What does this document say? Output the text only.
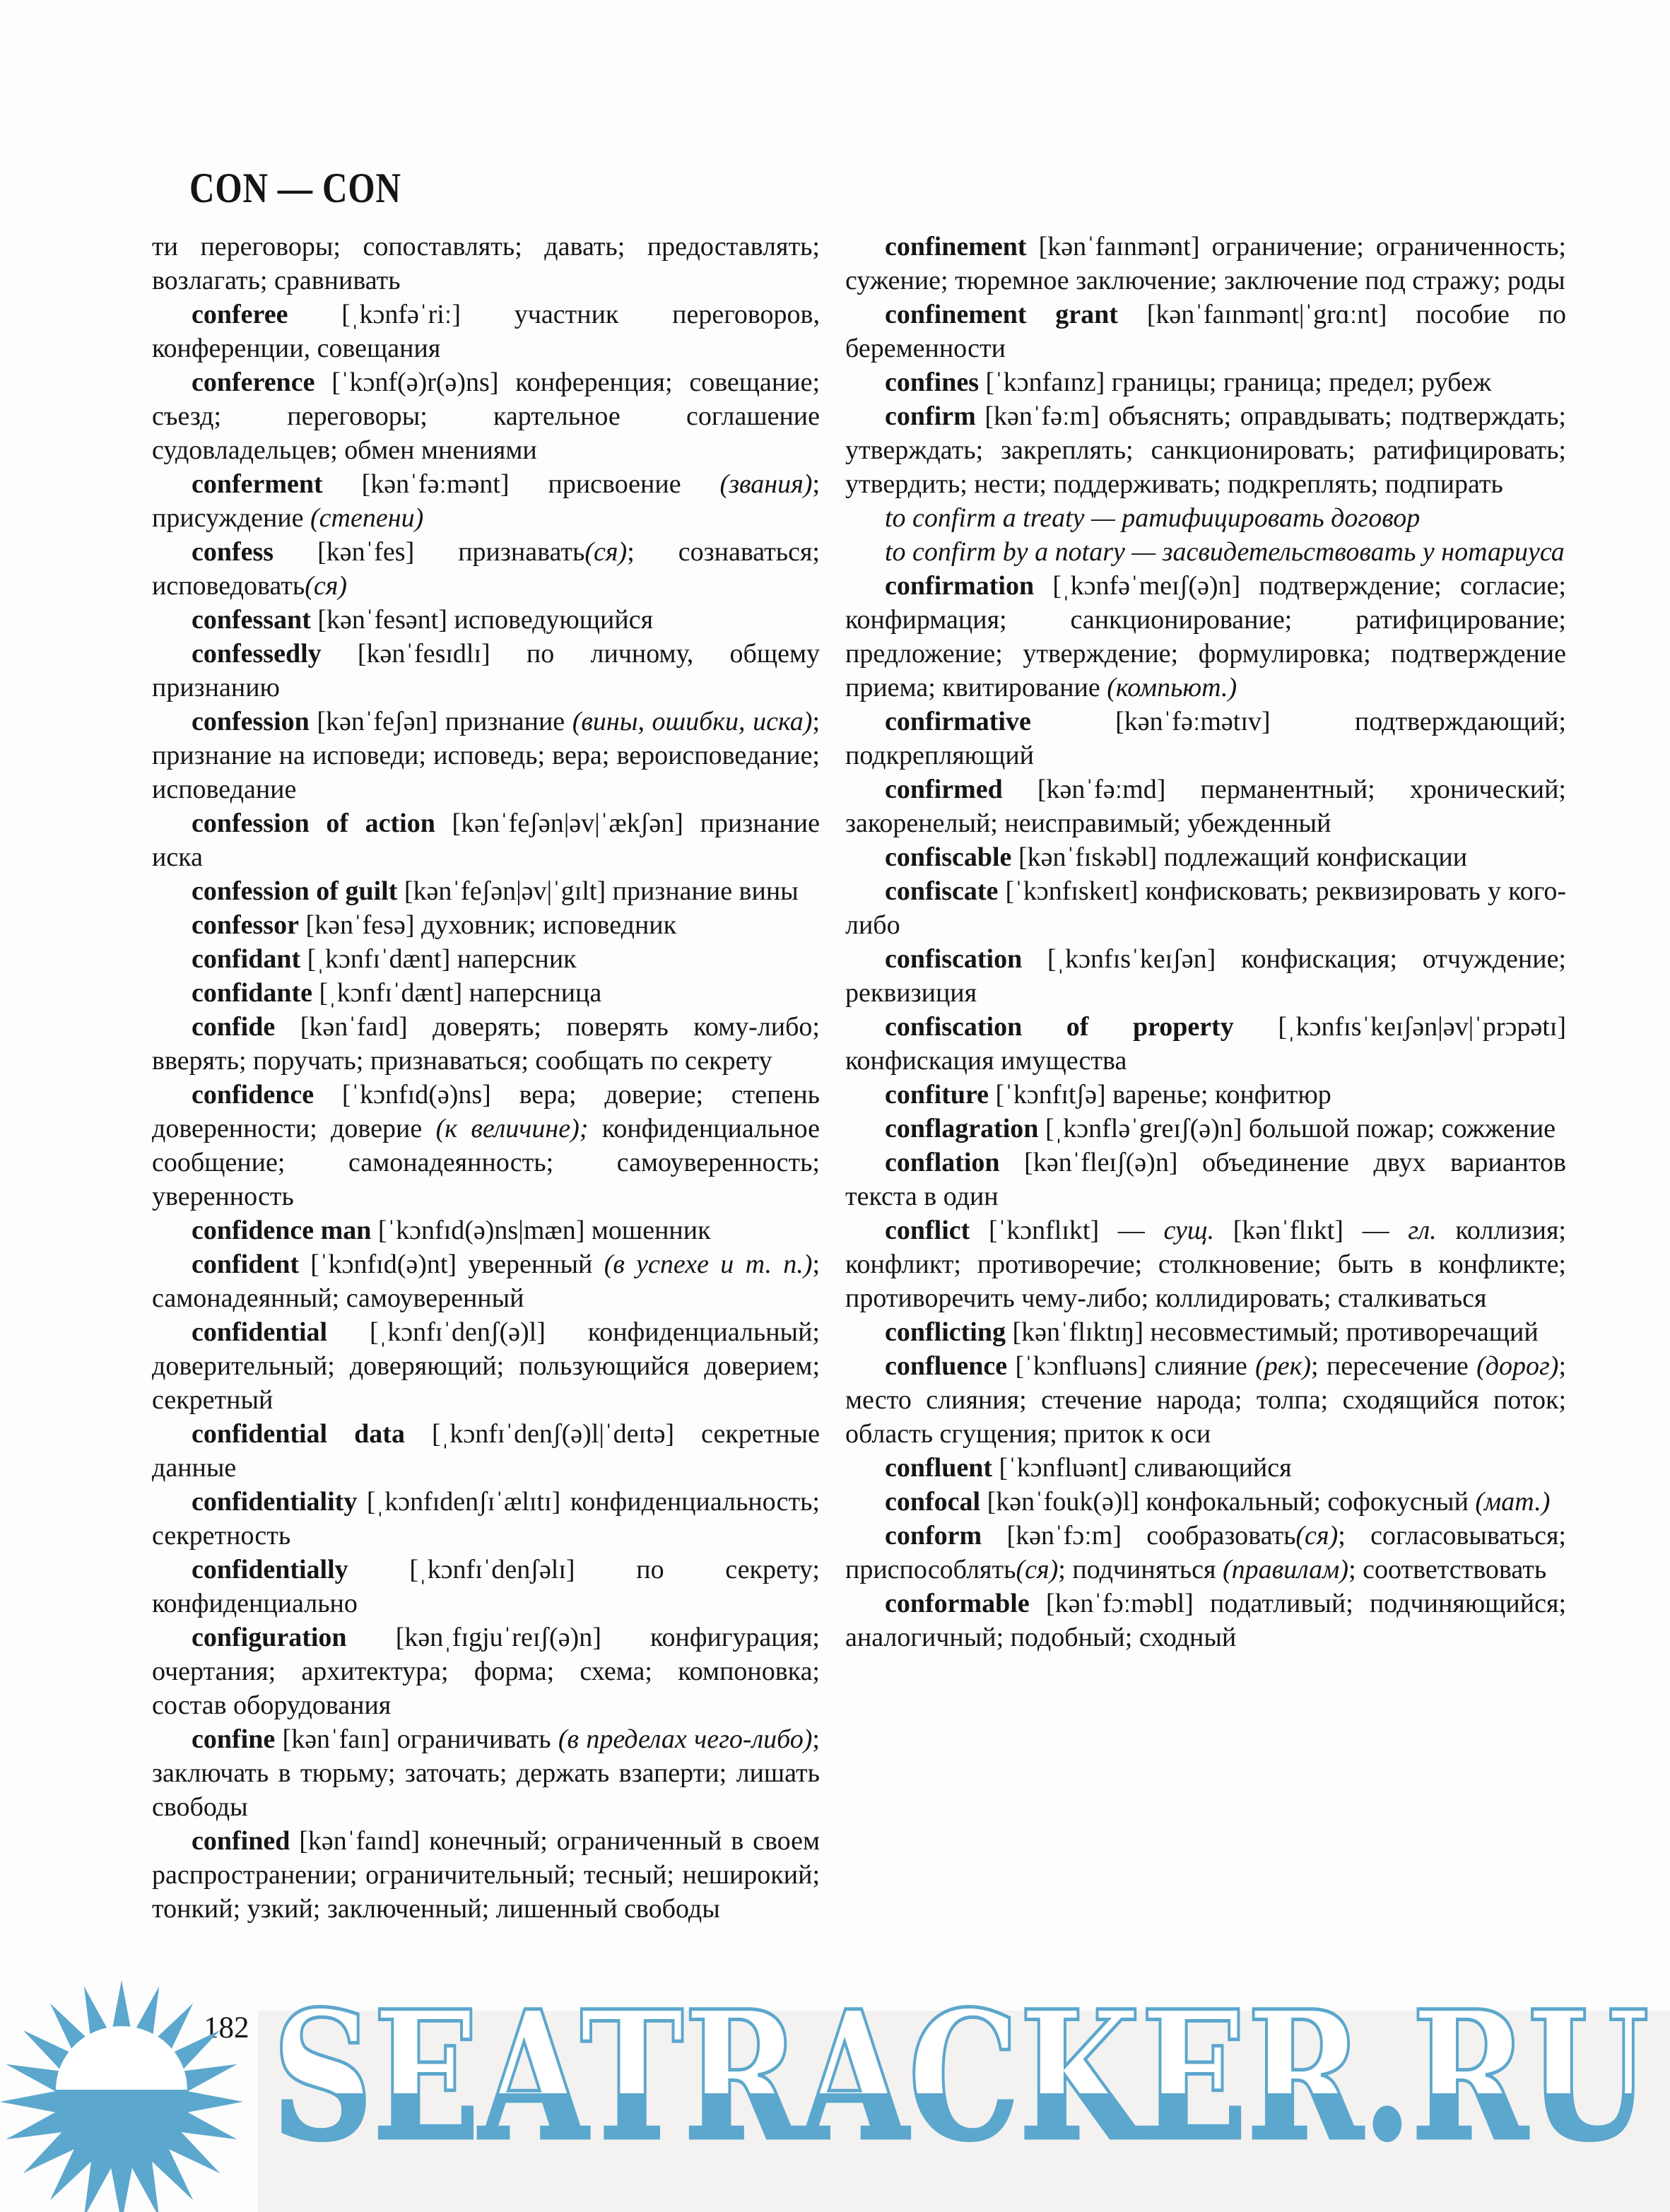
CON — CON

ти переговоры; сопоставлять; давать; предоставлять; возлагать; сравнивать

conferee [ˌkɔnfəˈriː] участник переговоров, конференции, совещания

conference [ˈkɔnf(ə)r(ə)ns] конференция; совещание; съезд; переговоры; картельное соглашение судовладельцев; обмен мнениями

conferment [kənˈfəːmənt] присвоение (звания); присуждение (степени)

confess [kənˈfes] признавать(ся); сознаваться; исповедовать(ся)

confessant [kənˈfesənt] исповедующийся

confessedly [kənˈfesɪdlɪ] по личному, общему признанию

confession [kənˈfeʃən] признание (вины, ошибки, иска); признание на исповеди; исповедь; вера; вероисповедание; исповедание

confession of action [kənˈfeʃən|əv|ˈækʃən] признание иска

confession of guilt [kənˈfeʃən|əv|ˈgɪlt] признание вины

confessor [kənˈfesə] духовник; исповедник

confidant [ˌkɔnfɪˈdænt] наперсник

confidante [ˌkɔnfɪˈdænt] наперсница

confide [kənˈfaɪd] доверять; поверять кому-либо; вверять; поручать; признаваться; сообщать по секрету

confidence [ˈkɔnfɪd(ə)ns] вера; доверие; степень доверенности; доверие (к величине); конфиденциальное сообщение; самонадеянность; самоуверенность; уверенность

confidence man [ˈkɔnfɪd(ə)ns|mæn] мошенник

confident [ˈkɔnfɪd(ə)nt] уверенный (в успехе и т. п.); самонадеянный; самоуверенный

confidential [ˌkɔnfɪˈdenʃ(ə)l] конфиденциальный; доверительный; доверяющий; пользующийся доверием; секретный

confidential data [ˌkɔnfɪˈdenʃ(ə)l|ˈdeɪtə] секретные данные

confidentiality [ˌkɔnfɪdenʃɪˈælɪtɪ] конфиденциальность; секретность

confidentially [ˌkɔnfɪˈdenʃəlɪ] по секрету; конфиденциально

configuration [kənˌfɪgjuˈreɪʃ(ə)n] конфигурация; очертания; архитектура; форма; схема; компоновка; состав оборудования

confine [kənˈfaɪn] ограничивать (в пределах чего-либо); заключать в тюрьму; заточать; держать взаперти; лишать свободы

confined [kənˈfaɪnd] конечный; ограниченный в своем распространении; ограничительный; тесный; неширокий; тонкий; узкий; заключенный; лишенный свободы

confinement [kənˈfaɪnmənt] ограничение; ограниченность; сужение; тюремное заключение; заключение под стражу; роды

confinement grant [kənˈfaɪnmənt|ˈgrɑːnt] пособие по беременности

confines [ˈkɔnfaɪnz] границы; граница; предел; рубеж

confirm [kənˈfəːm] объяснять; оправдывать; подтверждать; утверждать; закреплять; санкционировать; ратифицировать; утвердить; нести; поддерживать; подкреплять; подпирать

to confirm a treaty — ратифицировать договор

to confirm by a notary — засвидетельствовать у нотариуса

confirmation [ˌkɔnfəˈmeɪʃ(ə)n] подтверждение; согласие; конфирмация; санкционирование; ратифицирование; предложение; утверждение; формулировка; подтверждение приема; квитирование (компьют.)

confirmative [kənˈfəːmətɪv] подтверждающий; подкрепляющий

confirmed [kənˈfəːmd] перманентный; хронический; закоренелый; неисправимый; убежденный

confiscable [kənˈfɪskəbl] подлежащий конфискации

confiscate [ˈkɔnfɪskeɪt] конфисковать; реквизировать у кого-либо

confiscation [ˌkɔnfɪsˈkeɪʃən] конфискация; отчуждение; реквизиция

confiscation of property [ˌkɔnfɪsˈkeɪʃən|əv|ˈprɔpətɪ] конфискация имущества

confiture [ˈkɔnfɪtʃə] варенье; конфитюр

conflagration [ˌkɔnfləˈgreɪʃ(ə)n] большой пожар; сожжение

conflation [kənˈfleɪʃ(ə)n] объединение двух вариантов текста в один

conflict [ˈkɔnflɪkt] — сущ. [kənˈflɪkt] — гл. коллизия; конфликт; противоречие; столкновение; быть в конфликте; противоречить чему-либо; коллидировать; сталкиваться

conflicting [kənˈflɪktɪŋ] несовместимый; противоречащий

confluence [ˈkɔnfluəns] слияние (рек); пересечение (дорог); место слияния; стечение народа; толпа; сходящийся поток; область сгущения; приток к оси

confluent [ˈkɔnfluənt] сливающийся

confocal [kənˈfouk(ə)l] конфокальный; софокусный (мат.)

conform [kənˈfɔːm] сообразовать(ся); согласовываться; приспособлять(ся); подчиняться (правилам); соответствовать

conformable [kənˈfɔːməbl] податливый; подчиняющийся; аналогичный; подобный; сходный

182 SEATRACKER.RU
